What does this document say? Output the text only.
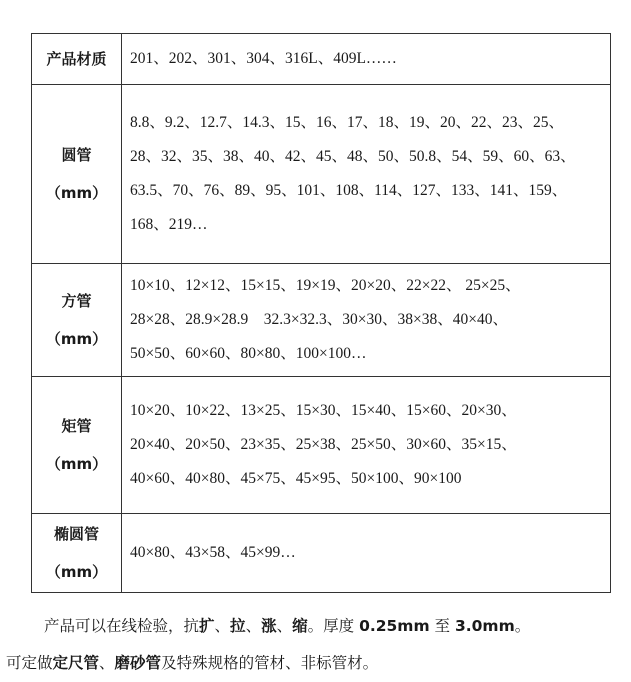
产品材质	201、202、301、304、316L、409L……

圆管
（mm）	8.8、9.2、12.7、14.3、15、16、17、18、19、20、22、23、25、
28、32、35、38、40、42、45、48、50、50.8、54、59、60、63、
63.5、70、76、89、95、101、108、114、127、133、141、159、
168、219…

方管
（mm）	10×10、12×12、15×15、19×19、20×20、22×22、 25×25、
28×28、28.9×28.9　32.3×32.3、30×30、38×38、40×40、
50×50、60×60、80×80、100×100…

矩管
（mm）	10×20、10×22、13×25、15×30、15×40、15×60、20×30、
20×40、20×50、23×35、25×38、25×50、30×60、35×15、
40×60、40×80、45×75、45×95、50×100、90×100

椭圆管
（mm）	40×80、43×58、45×99…
产品可以在线检验，抗扩、拉、涨、缩。厚度 0.25mm 至 3.0mm。
可定做定尺管、磨砂管及特殊规格的管材、非标管材。
